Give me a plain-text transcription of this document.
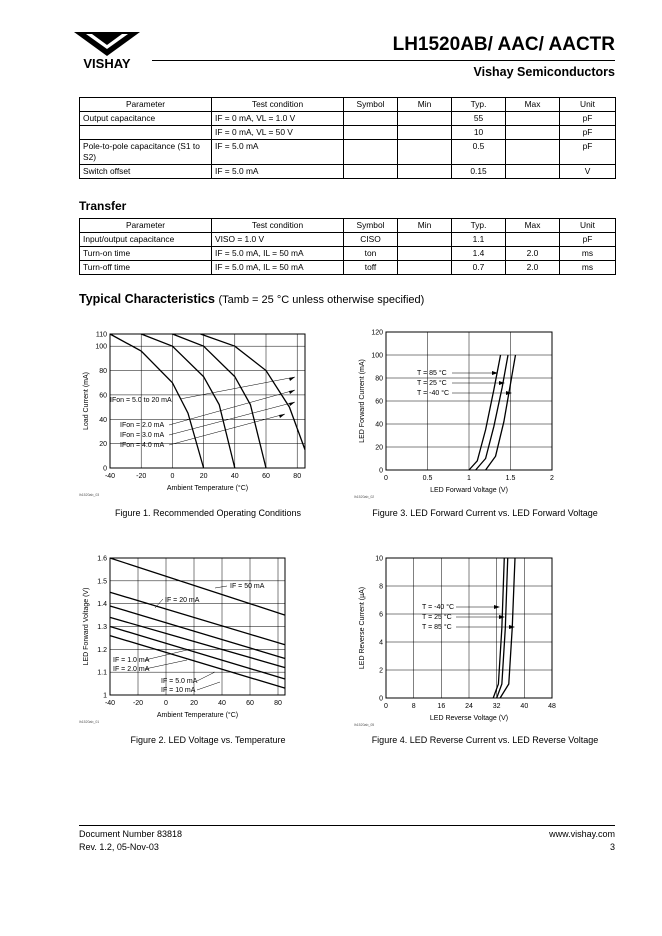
VISHAY
LH1520AB/ AAC/ AACTR
Vishay Semiconductors
Parameter	Test condition	Symbol	Min	Typ.	Max	Unit
Output capacitance	IF = 0 mA, VL = 1.0 V			55		pF
	IF = 0 mA, VL = 50 V			10		pF
Pole-to-pole capacitance (S1 to S2)	IF = 5.0 mA			0.5		pF
Switch offset	IF = 5.0 mA			0.15		V
Transfer
Parameter	Test condition	Symbol	Min	Typ.	Max	Unit
Input/output capacitance	VISO = 1.0 V	CISO		1.1		pF
Turn-on time	IF = 5.0 mA, IL = 50 mA	ton		1.4	2.0	ms
Turn-off time	IF = 5.0 mA, IL = 50 mA	toff		0.7	2.0	ms
Typical Characteristics (Tamb = 25 °C unless otherwise specified)
-40	-20	0	20	40	60	80
0
20
40
60
80
100
110
Ambient Temperature (°C)
Load Current (mA)
lh1520ab_03
IFon = 5.0 to 20 mA
IFon = 2.0 mA
IFon = 3.0 mA
IFon = 4.0 mA
Figure 1. Recommended Operating Conditions
0	0.5	1	1.5	2
0
20
40
60
80
100
120
LED Forward Voltage (V)
LED Forward Current (mA)
lh1520ab_02
T = 85 °C
T = 25 °C
T = -40 °C
Figure 3. LED Forward Current vs. LED Forward Voltage
-40	-20	0	20	40	60	80
1
1.1
1.2
1.3
1.4
1.5
1.6
Ambient Temperature (°C)
LED Forward Voltage (V)
lh1520ab_01
IF = 50 mA
IF = 20 mA
IF = 1.0 mA
IF = 2.0 mA
IF = 5.0 mA
IF = 10 mA
Figure 2. LED Voltage vs. Temperature
0	8	16	24	32	40	48
0
2
4
6
8
10
LED Reverse Voltage (V)
LED Reverse Current (µA)
lh1520ab_05
T = -40 °C
T = 25 °C
T = 85 °C
Figure 4. LED Reverse Current vs. LED Reverse Voltage
Document Number 83818
Rev. 1.2, 05-Nov-03
www.vishay.com
3
